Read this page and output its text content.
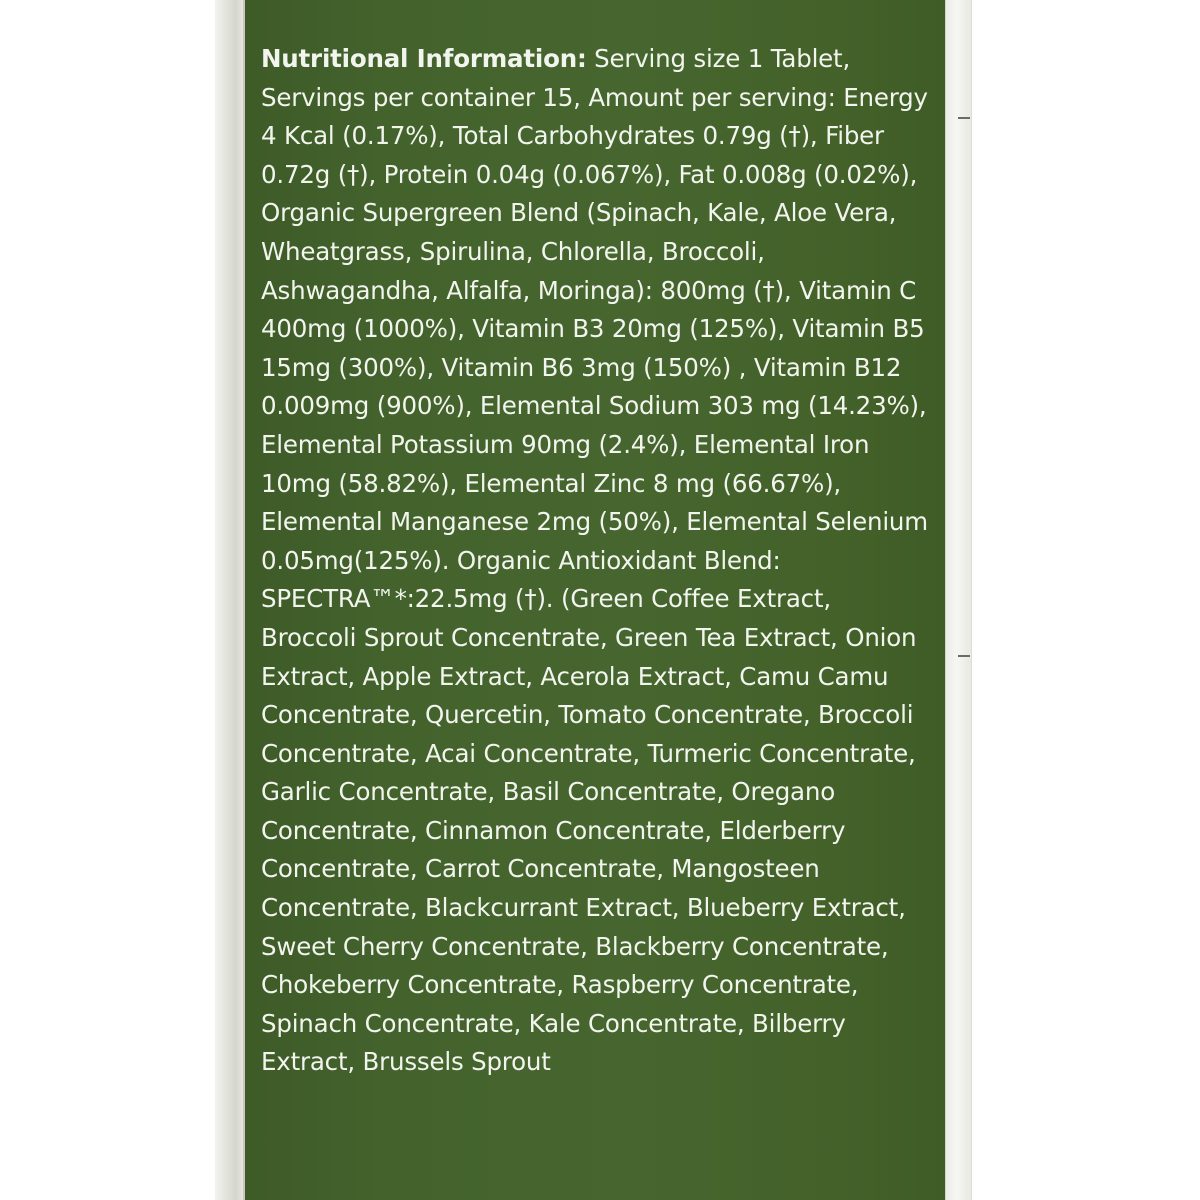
Nutritional Information: Serving size 1 Tablet, Servings per container 15, Amount per serving: Energy 4 Kcal (0.17%), Total Carbohydrates 0.79g (†), Fiber 0.72g (†), Protein 0.04g (0.067%), Fat 0.008g (0.02%), Organic Supergreen Blend (Spinach, Kale, Aloe Vera, Wheatgrass, Spirulina, Chlorella, Broccoli, Ashwagandha, Alfalfa, Moringa): 800mg (†), Vitamin C 400mg (1000%), Vitamin B3 20mg (125%), Vitamin B5 15mg (300%), Vitamin B6 3mg (150%) , Vitamin B12 0.009mg (900%), Elemental Sodium 303 mg (14.23%), Elemental Potassium 90mg (2.4%), Elemental Iron 10mg (58.82%), Elemental Zinc 8 mg (66.67%), Elemental Manganese 2mg (50%), Elemental Selenium 0.05mg(125%). Organic Antioxidant Blend: SPECTRA™*:22.5mg (†). (Green Coffee Extract, Broccoli Sprout Concentrate, Green Tea Extract, Onion Extract, Apple Extract, Acerola Extract, Camu Camu Concentrate, Quercetin, Tomato Concentrate, Broccoli Concentrate, Acai Concentrate, Turmeric Concentrate, Garlic Concentrate, Basil Concentrate, Oregano Concentrate, Cinnamon Concentrate, Elderberry Concentrate, Carrot Concentrate, Mangosteen Concentrate, Blackcurrant Extract, Blueberry Extract, Sweet Cherry Concentrate, Blackberry Concentrate, Chokeberry Concentrate, Raspberry Concentrate, Spinach Concentrate, Kale Concentrate, Bilberry Extract, Brussels Sprout
